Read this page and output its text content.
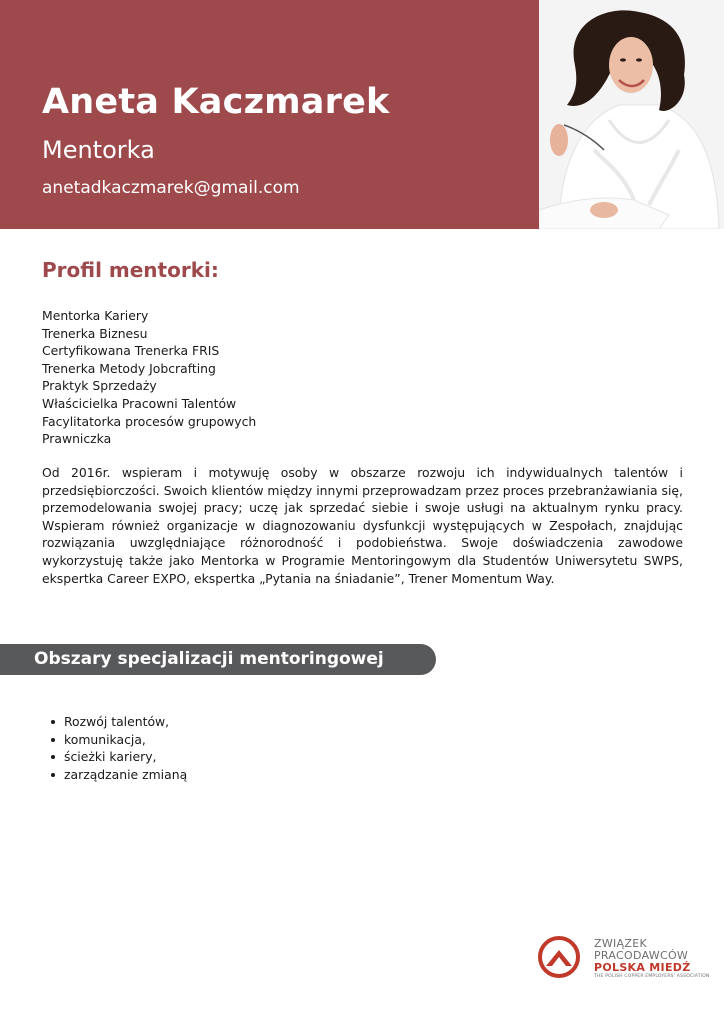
Aneta Kaczmarek
Mentorka
anetadkaczmarek@gmail.com
Profil mentorki:
Mentorka Kariery
Trenerka Biznesu
Certyfikowana Trenerka FRIS
Trenerka Metody Jobcrafting
Praktyk Sprzedaży
Właścicielka Pracowni Talentów
Facylitatorka procesów grupowych
Prawniczka

Od 2016r. wspieram i motywuję osoby w obszarze rozwoju ich indywidualnych talentów i przedsiębiorczości. Swoich klientów między innymi przeprowadzam przez proces przebranżawiania się, przemodelowania swojej pracy; uczę jak sprzedać siebie i swoje usługi na aktualnym rynku pracy. Wspieram również organizacje w diagnozowaniu dysfunkcji występujących w Zespołach, znajdując rozwiązania uwzględniające różnorodność i podobieństwa. Swoje doświadczenia zawodowe wykorzystuję także jako Mentorka w Programie Mentoringowym dla Studentów Uniwersytetu SWPS, ekspertka Career EXPO, ekspertka „Pytania na śniadanie”, Trener Momentum Way.

Obszary specjalizacji mentoringowej
Rozwój talentów,
komunikacja,
ścieżki kariery,
zarządzanie zmianą
ZWIĄZEK
PRACODAWCÓW
POLSKA MIEDŹ
THE POLISH COPPER EMPLOYERS' ASSOCIATION
